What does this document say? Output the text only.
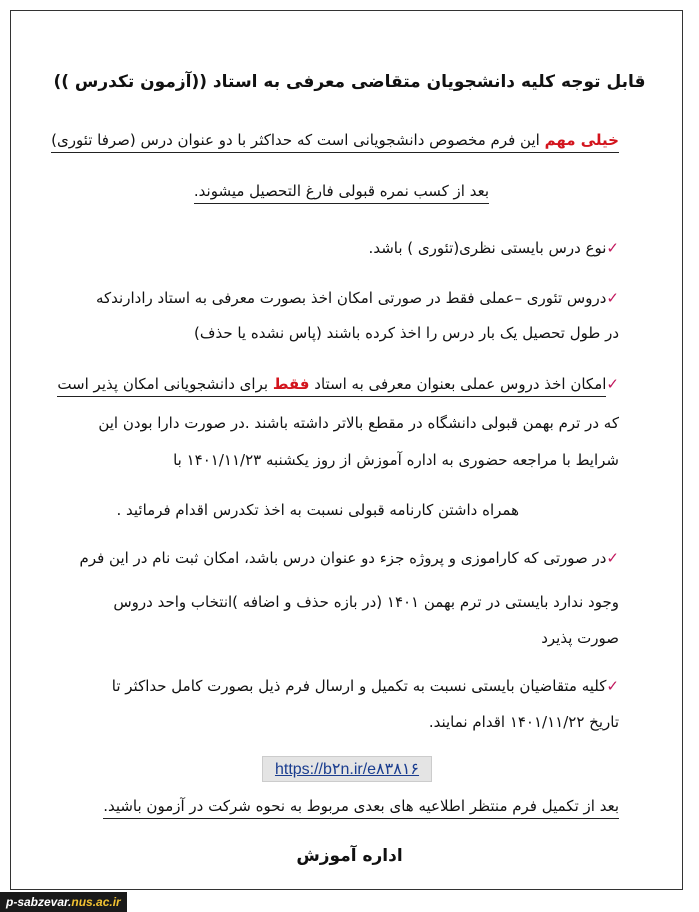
قابل توجه کلیه دانشجویان متقاضی معرفی به استاد ((آزمون تکدرس ))
خیلی مهم این فرم مخصوص دانشجویانی است که حداکثر با دو عنوان درس (صرفا تئوری)
بعد از کسب نمره قبولی فارغ التحصیل میشوند.
✓نوع درس بایستی نظری(تئوری ) باشد.
✓دروس تئوری –عملی فقط در صورتی امکان اخذ بصورت معرفی به استاد رادارندکه
در طول تحصیل یک بار درس را اخذ کرده باشند (پاس نشده یا حذف)
✓امکان اخذ دروس عملی بعنوان معرفی به استاد فقط برای دانشجویانی امکان پذیر است
که در ترم بهمن قبولی دانشگاه در مقطع بالاتر داشته باشند .در صورت دارا بودن این
شرایط با مراجعه حضوری به اداره آموزش از روز یکشنبه ۱۴۰۱/۱۱/۲۳ با
همراه داشتن کارنامه قبولی نسبت به اخذ تکدرس اقدام فرمائید .
✓در صورتی که کاراموزی و پروژه جزء دو عنوان درس باشد، امکان ثبت نام در این فرم
وجود ندارد بایستی در ترم بهمن ۱۴۰۱ (در بازه حذف و اضافه )انتخاب واحد دروس
صورت پذیرد
✓کلیه متقاضیان بایستی نسبت به تکمیل و ارسال فرم ذیل بصورت کامل حداکثر تا
تاریخ ۱۴۰۱/۱۱/۲۲ اقدام نمایند.
https://b۲n.ir/e۸۳۸۱۶
بعد از تکمیل فرم منتظر اطلاعیه های بعدی مربوط به نحوه شرکت در آزمون باشید.
اداره آموزش
p-sabzevar.nus.ac.ir
